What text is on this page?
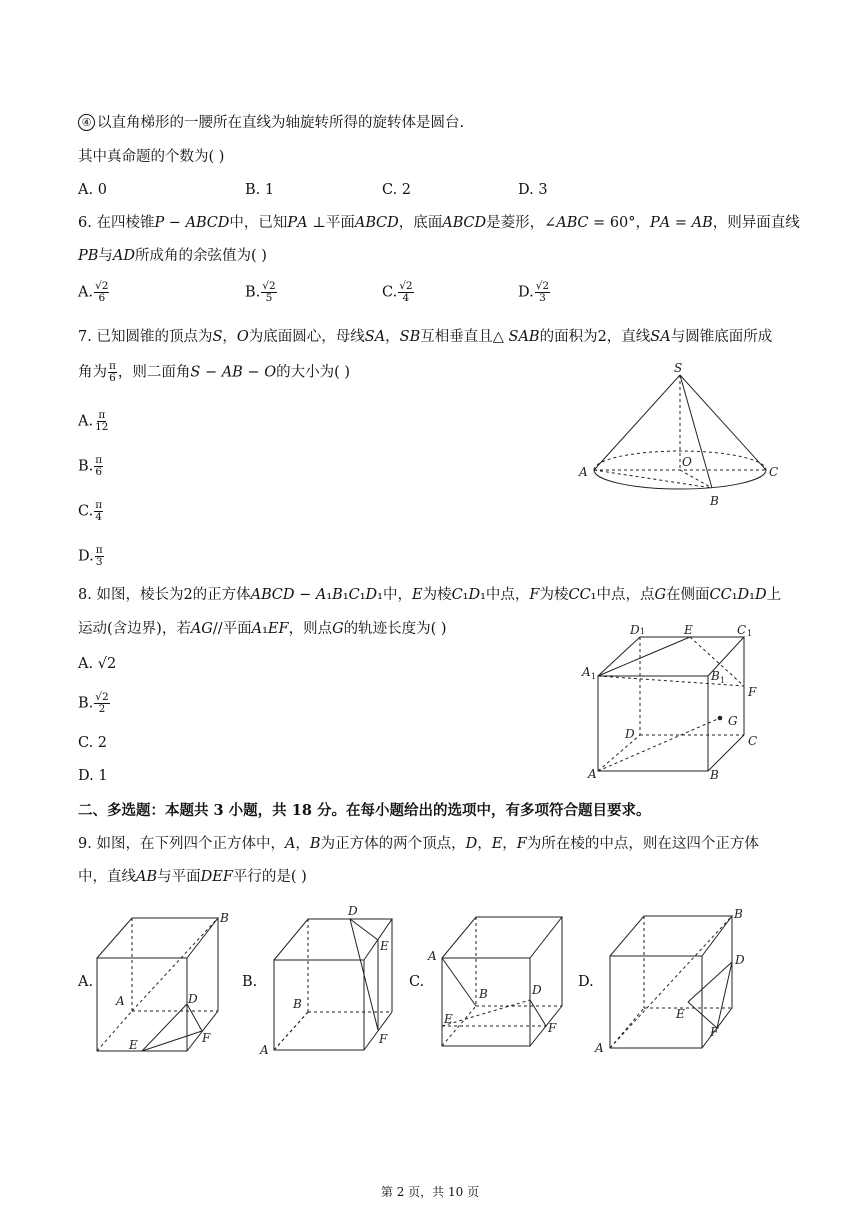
④ 以直角梯形的一腰所在直线为轴旋转所得的旋转体是圆台.
其中真命题的个数为( )
A. 0	B. 1	C. 2	D. 3
6. 在四棱锥𝑃 − 𝐴𝐵𝐶𝐷中，已知𝑃𝐴 ⊥平面𝐴𝐵𝐶𝐷，底面𝐴𝐵𝐶𝐷是菱形，∠𝐴𝐵𝐶 = 60°，𝑃𝐴 = 𝐴𝐵，则异面直线
𝑃𝐵与𝐴𝐷所成角的余弦值为( )
A. $\frac{√2}{6}$	B. $\frac{√2}{5}$	C. $\frac{√2}{4}$	D. $\frac{√2}{3}$
7. 已知圆锥的顶点为𝑆，𝑂为底面圆心，母线𝑆𝐴，𝑆𝐵互相垂直且△ 𝑆𝐴𝐵的面积为2，直线𝑆𝐴与圆锥底面所成
角为 $\frac{\pi}{6}$ ，则二面角𝑆 − 𝐴𝐵 − 𝑂的大小为( )
A. $\frac{\pi}{12}$
B. $\frac{\pi}{6}$
C. $\frac{\pi}{4}$
D. $\frac{\pi}{3}$
S
O
A
B
C
8. 如图，棱长为2的正方体𝐴𝐵𝐶𝐷 − 𝐴₁𝐵₁𝐶₁𝐷₁中，𝐸为棱𝐶₁𝐷₁中点，𝐹为棱𝐶𝐶₁中点，点𝐺在侧面𝐶𝐶₁𝐷₁𝐷上
运动(含边界)，若𝐴𝐺//平面𝐴₁𝐸𝐹，则点𝐺的轨迹长度为( )
A. √2
B. $\frac{√2}{2}$
C. 2
D. 1
D 1	E	C 1
A 1	B 1
F
G
D	C
A	B
二、多选题：本题共 3 小题，共 18 分。在每小题给出的选项中，有多项符合题目要求。
9. 如图，在下列四个正方体中，𝐴，𝐵为正方体的两个顶点，𝐷，𝐸，𝐹为所在棱的中点，则在这四个正方体
中，直线𝐴𝐵与平面𝐷𝐸𝐹平行的是( )
A.
B
A	D
E	F
B.
D
E
B
F
A
C.
A
B	D
E
F
D.
B
D
E
F
A
第 2 页，共 10 页
